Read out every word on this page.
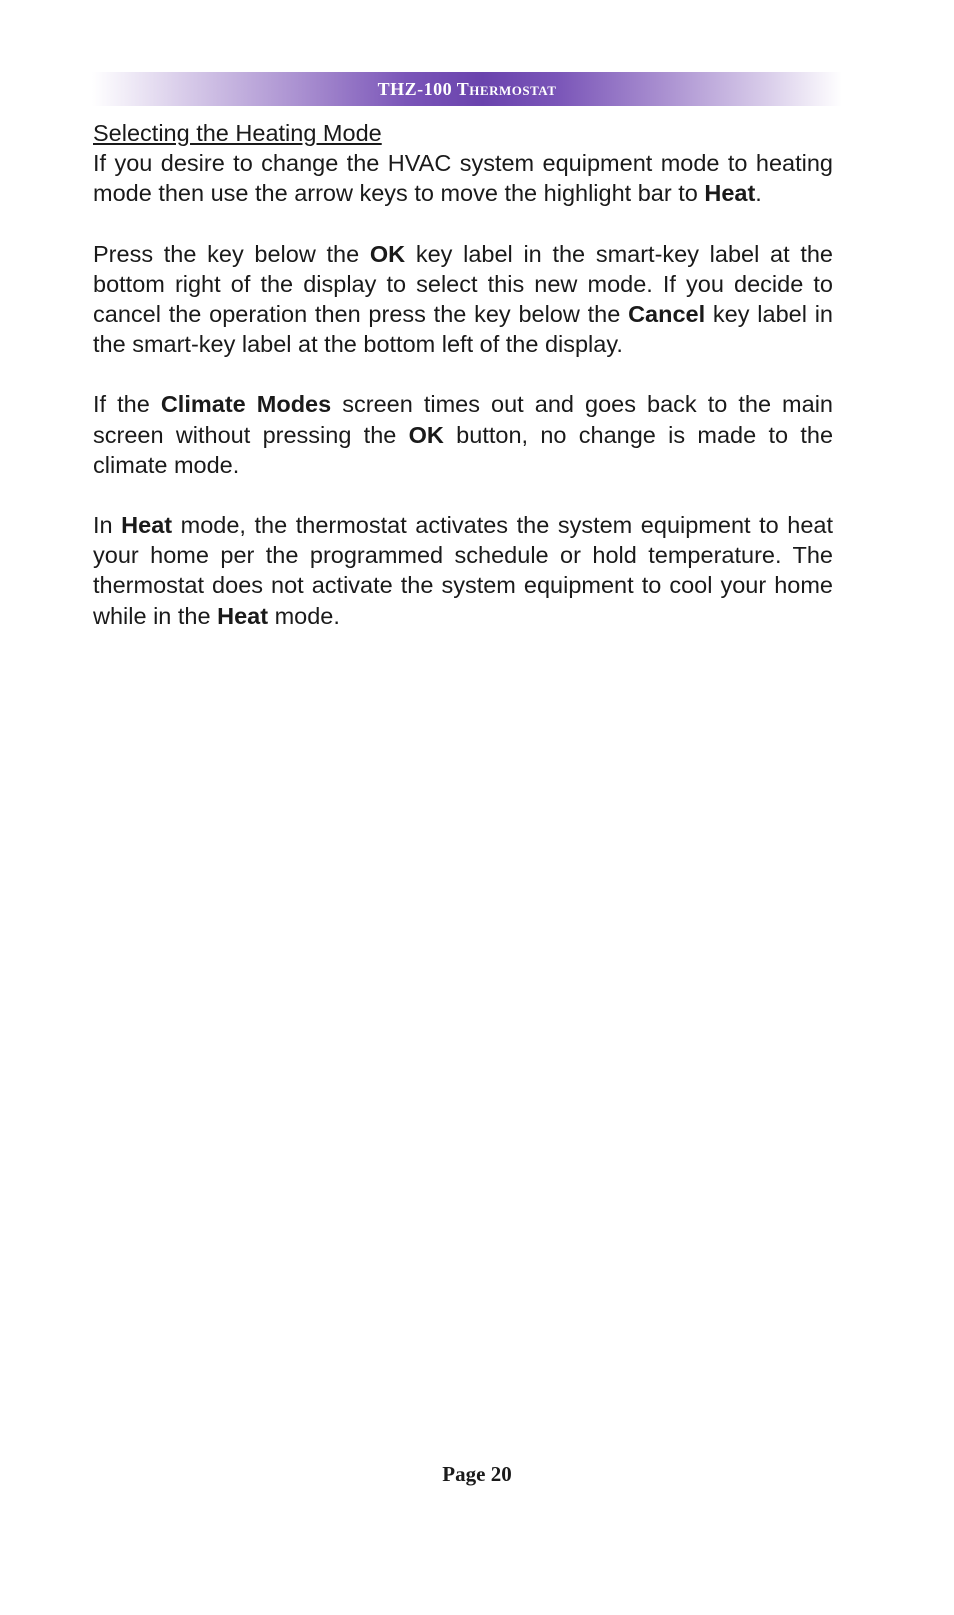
THZ-100 Thermostat

Selecting the Heating Mode

If you desire to change the HVAC system equipment mode to heating mode then use the arrow keys to move the highlight bar to Heat.

Press the key below the OK key label in the smart-key label at the bottom right of the display to select this new mode. If you decide to cancel the operation then press the key below the Cancel key label in the smart-key label at the bottom left of the display.

If the Climate Modes screen times out and goes back to the main screen without pressing the OK button, no change is made to the climate mode.

In Heat mode, the thermostat activates the system equipment to heat your home per the programmed schedule or hold temperature. The thermostat does not activate the system equipment to cool your home while in the Heat mode.

Page 20
